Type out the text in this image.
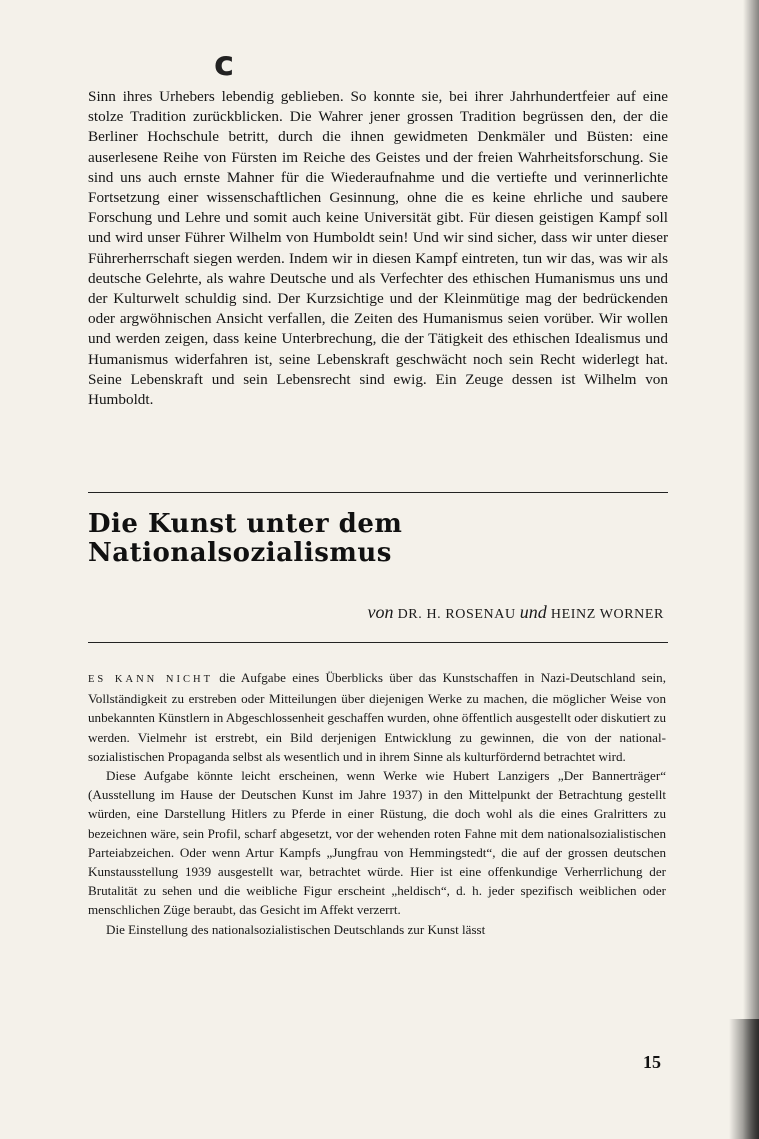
c
Sinn ihres Urhebers lebendig geblieben. So konnte sie, bei ihrer Jahrhundertfeier auf eine stolze Tradition zurückblicken. Die Wahrer jener grossen Tradition begrüssen den, der die Berliner Hochschule betritt, durch die ihnen gewidmeten Denkmäler und Büsten: eine auserlesene Reihe von Fürsten im Reiche des Geistes und der freien Wahrheitsforschung. Sie sind uns auch ernste Mahner für die Wiederaufnahme und die vertiefte und verinnerlichte Fortsetzung einer wissenschaftlichen Gesinnung, ohne die es keine ehrliche und saubere Forschung und Lehre und somit auch keine Universität gibt. Für diesen geistigen Kampf soll und wird unser Führer Wilhelm von Humboldt sein! Und wir sind sicher, dass wir unter dieser Führerherrschaft siegen werden. Indem wir in diesen Kampf eintreten, tun wir das, was wir als deutsche Gelehrte, als wahre Deutsche und als Verfechter des ethischen Humanismus uns und der Kulturwelt schuldig sind. Der Kurzsichtige und der Kleinmütige mag der bedrückenden oder argwöhnischen Ansicht verfallen, die Zeiten des Humanismus seien vorüber. Wir wollen und werden zeigen, dass keine Unterbrechung, die der Tätigkeit des ethischen Idealismus und Humanismus widerfahren ist, seine Lebenskraft geschwächt noch sein Recht widerlegt hat. Seine Lebenskraft und sein Lebensrecht sind ewig. Ein Zeuge dessen ist Wilhelm von Humboldt.
Die Kunst unter dem
Nationalsozialismus
von DR. H. ROSENAU und HEINZ WORNER

ES KANN NICHT die Aufgabe eines Überblicks über das Kunstschaffen in Nazi-Deutschland sein, Vollständigkeit zu erstreben oder Mitteilungen über diejenigen Werke zu machen, die möglicher Weise von unbekannten Künstlern in Abgeschlossenheit geschaffen wurden, ohne öffentlich ausgestellt oder diskutiert zu werden. Vielmehr ist erstrebt, ein Bild derjenigen Entwicklung zu gewinnen, die von der national-sozialistischen Propaganda selbst als wesentlich und in ihrem Sinne als kulturfördernd betrachtet wird.

Diese Aufgabe könnte leicht erscheinen, wenn Werke wie Hubert Lanzigers „Der Bannerträger“ (Ausstellung im Hause der Deutschen Kunst im Jahre 1937) in den Mittelpunkt der Betrachtung gestellt würden, eine Darstellung Hitlers zu Pferde in einer Rüstung, die doch wohl als die eines Gralritters zu bezeichnen wäre, sein Profil, scharf abgesetzt, vor der wehenden roten Fahne mit dem nationalsozialistischen Parteiabzeichen. Oder wenn Artur Kampfs „Jungfrau von Hemmingstedt“, die auf der grossen deutschen Kunstausstellung 1939 ausgestellt war, betrachtet würde. Hier ist eine offenkundige Verherrlichung der Brutalität zu sehen und die weibliche Figur erscheint „heldisch“, d. h. jeder spezifisch weiblichen oder menschlichen Züge beraubt, das Gesicht im Affekt verzerrt.

Die Einstellung des nationalsozialistischen Deutschlands zur Kunst lässt

15
